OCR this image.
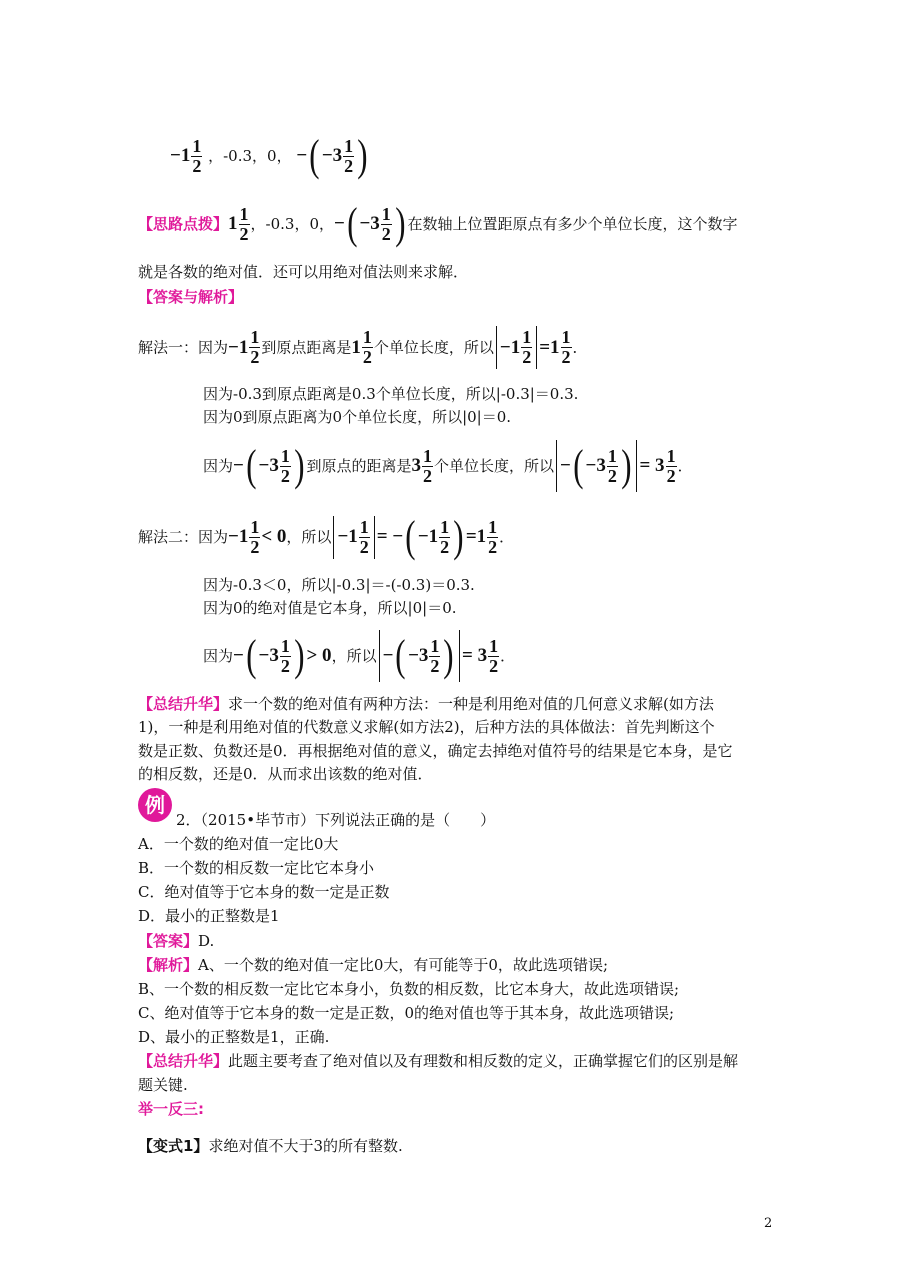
$-1 \frac{1}{2}$ ，-0.3，0， − ( $-3 \frac{1}{2}$ )
【思路点拨】$1 \frac{1}{2}$ ，-0.3，0，− ( $-3 \frac{1}{2}$ ) 在数轴上位置距原点有多少个单位长度，这个数字
就是各数的绝对值．还可以用绝对值法则来求解．
【答案与解析】
解法一：因为$-1 \frac{1}{2}$ 到原点距离是$1 \frac{1}{2}$ 个单位长度，所以 $-1 \frac{1}{2} =1 \frac{1}{2}$ ．
因为-0.3到原点距离是0.3个单位长度，所以|-0.3|＝0.3.
因为0到原点距离为0个单位长度，所以|0|＝0.
因为− ( $-3 \frac{1}{2}$ ) 到原点的距离是$3 \frac{1}{2}$ 个单位长度，所以 − ( $-3 \frac{1}{2}$ ) = $3 \frac{1}{2}$ ．
解法二：因为$-1 \frac{1}{2} < 0$，所以 $-1 \frac{1}{2}$ = − ( $-1 \frac{1}{2}$ ) $=1 \frac{1}{2}$ ．
因为-0.3＜0，所以|-0.3|＝-(-0.3)＝0.3.
因为0的绝对值是它本身，所以|0|＝0.
因为− ( $-3 \frac{1}{2}$ ) > 0，所以 − ( $-3 \frac{1}{2}$ ) = $3 \frac{1}{2}$ ．
【总结升华】求一个数的绝对值有两种方法：一种是利用绝对值的几何意义求解(如方法
1)，一种是利用绝对值的代数意义求解(如方法2)，后种方法的具体做法：首先判断这个
数是正数、负数还是0．再根据绝对值的意义，确定去掉绝对值符号的结果是它本身，是它
的相反数，还是0．从而求出该数的绝对值．
例
2．（2015•毕节市）下列说法正确的是（　　）
A．一个数的绝对值一定比0大
B．一个数的相反数一定比它本身小
C．绝对值等于它本身的数一定是正数
D．最小的正整数是1
【答案】D.
【解析】A、一个数的绝对值一定比0大，有可能等于0，故此选项错误;
B、一个数的相反数一定比它本身小，负数的相反数，比它本身大，故此选项错误;
C、绝对值等于它本身的数一定是正数，0的绝对值也等于其本身，故此选项错误;
D、最小的正整数是1，正确.
【总结升华】此题主要考查了绝对值以及有理数和相反数的定义，正确掌握它们的区别是解
题关键.
举一反三:
【变式1】求绝对值不大于3的所有整数.
2
